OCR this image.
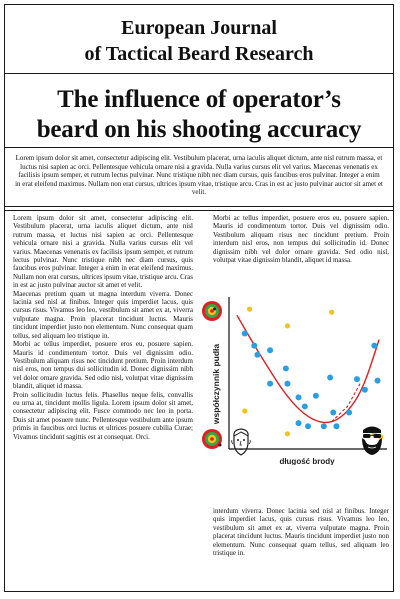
European Journal
of Tactical Beard Research
The influence of operator’s
beard on his shooting accuracy
Lorem ipsum dolor sit amet, consectetur adipiscing elit. Vestibulum placerat, urna iaculis aliquet dictum, ante nisl rutrum massa, et luctus nisi sapien ac orci. Pellentesque vehicula ornare nisi a gravida. Nulla varius cursus elit vel varius. Maecenas venenatis ex facilisis ipsum semper, et rutrum lectus pulvinar. Nunc tristique nibh nec diam cursus, quis faucibus eros pulvinar. Integer a enim in erat eleifend maximus. Nullam non erat cursus, ultrices ipsum vitae, tristique arcu. Cras in est ac justo pulvinar auctor sit amet et velit.

Lorem ipsum dolor sit amet, consectetur adipiscing elit. Vestibulum placerat, urna iaculis aliquet dictum, ante nisl rutrum massa, et luctus nisi sapien ac orci. Pellentesque vehicula ornare nisi a gravida. Nulla varius cursus elit vel varius. Maecenas venenatis ex facilisis ipsum semper, et rutrum lectus pulvinar. Nunc tristique nibh nec diam cursus, quis faucibus eros pulvinar. Integer a enim in erat eleifend maximus. Nullam non erat cursus, ultrices ipsum vitae, tristique arcu. Cras in est ac justo pulvinar auctor sit amet et velit.

Maecenas pretium quam ut magna interdum viverra. Donec lacinia sed nisl at finibus. Integer quis imperdiet lacus, quis cursus risus. Vivamus leo leo, vestibulum sit amet ex at, viverra vulputate magna. Proin placerat tincidunt luctus. Mauris tincidunt imperdiet justo non elementum. Nunc consequat quam tellus, sed aliquam leo tristique in.

Morbi ac tellus imperdiet, posuere eros eu, posuere sapien. Mauris id condimentum tortor. Duis vel dignissim odio. Vestibulum aliquam risus nec tincidunt pretium. Proin interdum nisl eros, non tempus dui sollicitudin id. Donec dignissim nibh vel dolor ornare gravida. Sed odio nisl, volutpat vitae dignissim blandit, aliquet id massa.

Proin sollicitudin luctus felis. Phasellus neque felis, convallis eu urna at, tincidunt mollis ligula. Lorem ipsum dolor sit amet, consectetur adipiscing elit. Fusce commodo nec leo in porta. Duis sit amet posuere nunc. Pellentesque vestibulum ante ipsum primis in faucibus orci luctus et ultrices posuere cubilia Curae; Vivamus tincidunt sagittis est at consequat. Orci.

Morbi ac tellus imperdiet, posuere eros eu, posuere sapien. Mauris id condimentum tortor. Duis vel dignissim odio. Vestibulum aliquam risus nec tincidunt pretium. Proin interdum nisl eros, non tempus dui sollicitudin id. Donec dignissim nibh vel dolor ornare gravida. Sed odio nisl, volutpat vitae dignissim blandit, aliquet id massa.

współczynnik pudła
długość brody

interdum viverra. Donec lacinia sed nisl at finibus. Integer quis imperdiet lacus, quis cursus risus. Vivamus leo leo, vestibulum sit amet ex at, viverra vulputate magna. Proin placerat tincidunt luctus. Mauris tincidunt imperdiet justo non elementum. Nunc consequat quam tellus, sed aliquam leo tristique in.
